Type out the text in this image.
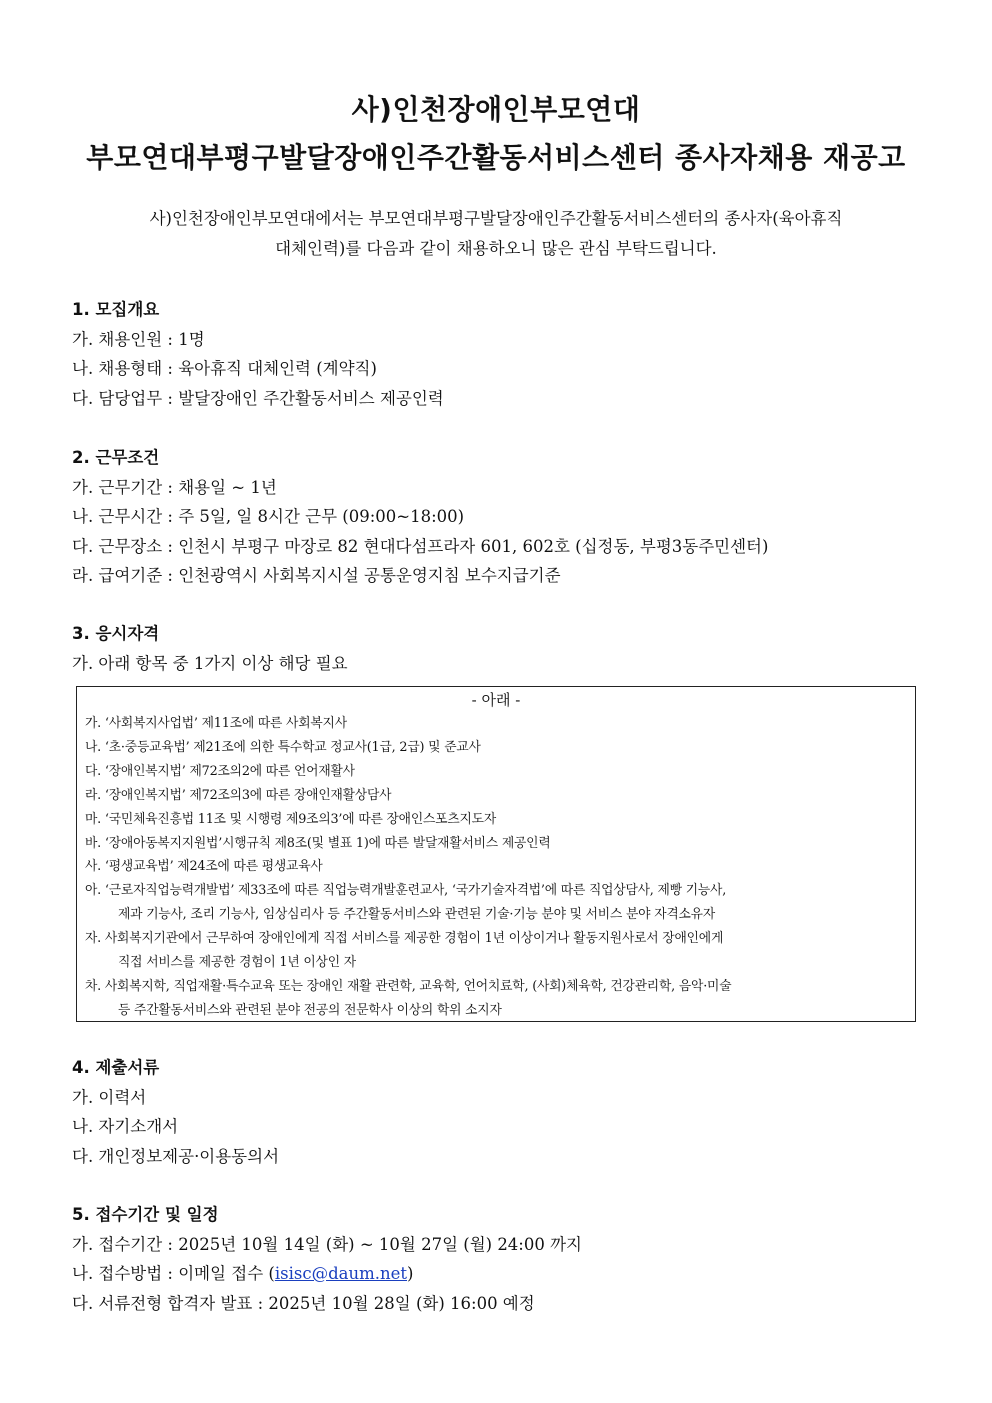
사)인천장애인부모연대
부모연대부평구발달장애인주간활동서비스센터 종사자채용 재공고
사)인천장애인부모연대에서는 부모연대부평구발달장애인주간활동서비스센터의 종사자(육아휴직
대체인력)를 다음과 같이 채용하오니 많은 관심 부탁드립니다.
1. 모집개요
가. 채용인원 : 1명
나. 채용형태 : 육아휴직 대체인력 (계약직)
다. 담당업무 : 발달장애인 주간활동서비스 제공인력
2. 근무조건
가. 근무기간 : 채용일 ~ 1년
나. 근무시간 : 주 5일, 일 8시간 근무 (09:00~18:00)
다. 근무장소 : 인천시 부평구 마장로 82 현대다섬프라자 601, 602호 (십정동, 부평3동주민센터)
라. 급여기준 : 인천광역시 사회복지시설 공통운영지침 보수지급기준
3. 응시자격
가. 아래 항목 중 1가지 이상 해당 필요
- 아래 -
가. ‘사회복지사업법’ 제11조에 따른 사회복지사
나. ‘초·중등교육법’ 제21조에 의한 특수학교 정교사(1급, 2급) 및 준교사
다. ‘장애인복지법’ 제72조의2에 따른 언어재활사
라. ‘장애인복지법’ 제72조의3에 따른 장애인재활상담사
마. ‘국민체육진흥법 11조 및 시행령 제9조의3’에 따른 장애인스포츠지도자
바. ‘장애아동복지지원법’시행규칙 제8조(및 별표 1)에 따른 발달재활서비스 제공인력
사. ‘평생교육법’ 제24조에 따른 평생교육사
아. ‘근로자직업능력개발법’ 제33조에 따른 직업능력개발훈련교사, ‘국가기술자격법’에 따른 직업상담사, 제빵 기능사,
제과 기능사, 조리 기능사, 임상심리사 등 주간활동서비스와 관련된 기술·기능 분야 및 서비스 분야 자격소유자
자. 사회복지기관에서 근무하여 장애인에게 직접 서비스를 제공한 경험이 1년 이상이거나 활동지원사로서 장애인에게
직접 서비스를 제공한 경험이 1년 이상인 자
차. 사회복지학, 직업재활·특수교육 또는 장애인 재활 관련학, 교육학, 언어치료학, (사회)체육학, 건강관리학, 음악·미술
등 주간활동서비스와 관련된 분야 전공의 전문학사 이상의 학위 소지자
4. 제출서류
가. 이력서
나. 자기소개서
다. 개인정보제공·이용동의서
5. 접수기간 및 일정
가. 접수기간 : 2025년 10월 14일 (화) ~ 10월 27일 (월) 24:00 까지
나. 접수방법 : 이메일 접수 (isisc@daum.net)
다. 서류전형 합격자 발표 : 2025년 10월 28일 (화) 16:00 예정
